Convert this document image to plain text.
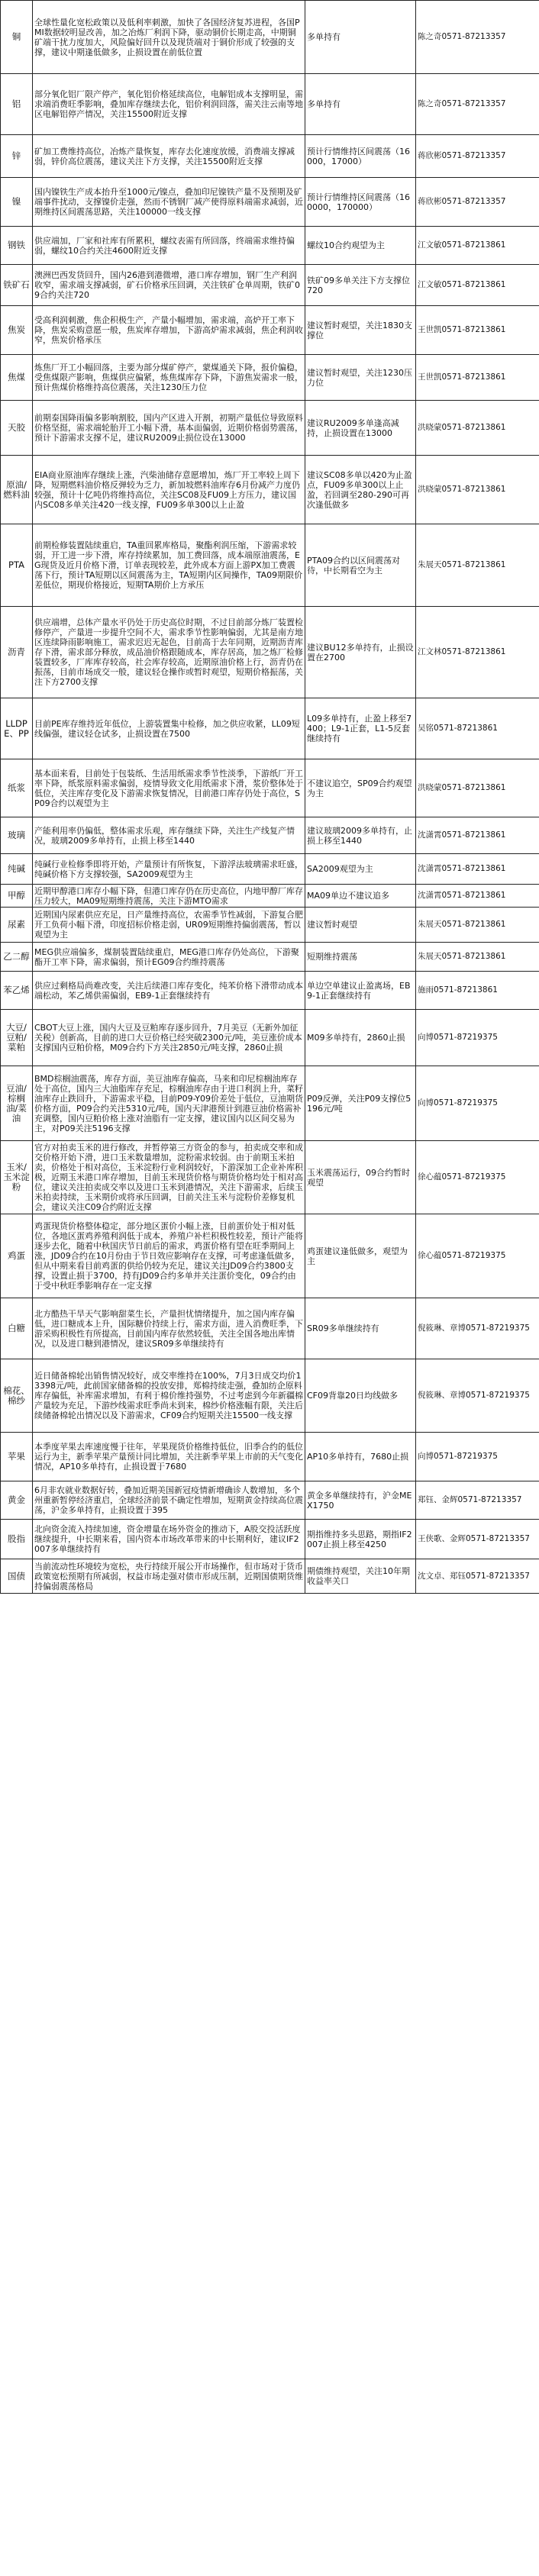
铜	全球性量化宽松政策以及低利率刺激，加快了各国经济复苏进程，各国PMI数据较明显改善，加之冶炼厂利润下降，驱动铜价长期走高，中期铜矿端干扰力度加大，风险偏好回升以及现货端对于铜价形成了较强的支撑，建议中期逢低做多，止损设置在前低位置	多单持有	陈之奇0571-87213357
铝	部分氧化铝厂限产停产，氧化铝价格延续高位，电解铝成本支撑明显，需求端消费旺季影响，叠加库存继续去化，铝价利润回落，需关注云南等地区电解铝停产情况，关注15500附近支撑	多单持有	陈之奇0571-87213357
锌	矿加工费维持高位，冶炼产量恢复，库存去化速度放缓，消费端支撑减弱，锌价高位震荡，建议关注下方支撑，关注15500附近支撑	预计行情维持区间震荡（16000，17000）	蒋欣彬0571-87213357
镍	国内镍铁生产成本抬升至1000元/镍点，叠加印尼镍铁产量不及预期及矿端事件扰动，支撑镍价走强，然而不锈钢厂减产使得原料端需求减弱，近期维持区间震荡思路，关注100000一线支撑	预计行情维持区间震荡（160000，170000）	蒋欣彬0571-87213357
钢铁	供应端加，厂家和社库有所累积，螺纹表需有所回落，终端需求维持偏弱，螺纹10合约关注4600附近支撑	螺纹10合约观望为主	江文敏0571-87213861
铁矿石	澳洲巴西发货回升，国内26港到港微增，港口库存增加，钢厂生产利润收窄，需求端支撑减弱，矿石价格承压回调，关注铁矿仓单周期，铁矿09合约关注720	铁矿09多单关注下方支撑位720	江文敏0571-87213861
焦炭	受高利润刺激，焦企积极生产，产量小幅增加，需求端，高炉开工率下降，焦炭采购意愿一般，焦炭库存增加，下游高炉需求减弱，焦企利润收窄，焦炭价格承压	建议暂时观望，关注1830支撑位	王世凯0571-87213861
焦煤	炼焦厂开工小幅回落，主要为部分煤矿停产，蒙煤通关下降，报价偏稳，受焦煤限产影响，焦煤供应偏紧，炼焦煤库存下降，下游焦炭需求一般，预计焦煤价格维持高位震荡，关注1230压力位	建议暂时观望，关注1230压力位	王世凯0571-87213861
天胶	前期泰国降雨偏多影响割胶，国内产区进入开割，初期产量低位导致原料价格坚挺，需求端轮胎开工小幅下滑，基本面偏弱，近期价格弱势震荡，预计下游需求支撑不足，建议RU2009止损位设在13000	建议RU2009多单逢高减持，止损设置在13000	洪晓蒙0571-87213861
原油/燃料油	EIA商业原油库存继续上涨，汽柴油储存意愿增加，炼厂开工率较上周下降，短期燃料油价格反弹较为乏力，新加坡燃料油库存6月份减产力度仍较强，预计十亿吨仍将维持高位，关注SC08及FU09上方压力，建议国内SC08多单关注420一线支撑，FU09多单300以上止盈	建议SC08多单以420为止盈点，FU09多单300以上止盈，若回调至280-290可再次逢低做多	洪晓蒙0571-87213861
PTA	前期检修装置陆续重启，TA重回累库格局，聚酯利润压缩，下游需求较弱，开工进一步下滑，库存持续累加，加工费回落，成本端原油震荡，EG现货及近月价格下滑，订单表现较差，此外成本方面上游PX加工费震荡下行，预计TA短期以区间震荡为主，TA短期内区间操作，TA09期限价差低位，期现价格接近，短期TA期价上方承压	PTA09合约以区间震荡对待，中长期看空为主	朱展天0571-87213861
沥青	供应端增，总体产量水平仍处于历史高位时期，不过目前部分炼厂装置检修停产，产量进一步提升空间不大，需求季节性影响偏弱，尤其是南方地区连续降雨影响施工，需求迟迟无起色，目前高于去年同期，近期沥青库存下滑，需求部分释放，成品油价格跟随成本，库存居高，加之炼厂检修装置较多，厂库库存较高，社会库存较高，近期原油价格上行，沥青仍在振荡，目前市场成交一般，建议轻仓操作或暂时观望，短期价格振荡，关注下方2700支撑	建议BU12多单持有，止损设置在2700	江文林0571-87213861
LLDPE、PP	目前PE库存维持近年低位，上游装置集中检修，加之供应收紧，LL09短线偏强，建议轻仓试多，止损设置在7500	L09多单持有，止盈上移至7400；L9-1正套，L1-5反套继续持有	吴铭0571-87213861
纸浆	基本面来看，目前处于包装纸、生活用纸需求季节性淡季，下游纸厂开工率下降，纸浆原料需求偏弱，疫情导致文化用纸需求下滑，浆价整体处于低位，关注库存变化及下游需求恢复情况，目前港口库存仍处于高位，SP09合约以观望为主	不建议追空，SP09合约观望为主	洪晓蒙0571-87213861
玻璃	产能利用率仍偏低，整体需求乐观，库存继续下降，关注生产线复产情况，玻璃2009多单持有，止损上移至1440	建议玻璃2009多单持有，止损上移至1440	沈潇霄0571-87213861
纯碱	纯碱行业检修季即将开始，产量预计有所恢复，下游浮法玻璃需求旺盛，纯碱价格下方支撑较强，SA2009观望为主	SA2009观望为主	沈潇霄0571-87213861
甲醇	近期甲醇港口库存小幅下降，但港口库存仍在历史高位，内地甲醇厂库存压力较大，MA09短期维持震荡，关注下游MTO需求	MA09单边不建议追多	沈潇霄0571-87213861
尿素	近期国内尿素供应充足，日产量维持高位，农需季节性减弱，下游复合肥开工负荷小幅下滑，印度招标价格走弱，UR09短期维持偏弱震荡，暂以观望为主	建议暂时观望	朱展天0571-87213861
乙二醇	MEG供应端偏多，煤制装置陆续重启，MEG港口库存仍处高位，下游聚酯开工率下降，需求偏弱，预计EG09合约维持震荡	短期维持震荡	朱展天0571-87213861
苯乙烯	供应过剩格局尚难改变，关注后续港口库存变化，纯苯价格下滑带动成本端松动，苯乙烯供需偏弱，EB9-1正套继续持有	单边空单建议止盈离场，EB9-1正套继续持有	施雨0571-87213861
大豆/豆粕/菜粕	CBOT大豆上涨，国内大豆及豆粕库存逐步回升，7月美豆（无新外加征关税）创新高，目前的进口大豆价格已经突破2300元/吨，美豆涨价成本支撑国内豆粕价格，M09合约下方关注2850元/吨支撑，2860止损	M09多单持有，2860止损	向博0571-87219375
豆油/棕榈油/菜油	BMD棕榈油震荡，库存方面，美豆油库存偏高，马来和印尼棕榈油库存处于高位，国内三大油脂库存充足，棕榈油库存由于进口利润上升，菜籽油库存止跌回升，下游需求平稳，目前P09-Y09价差处于低位，豆油期货价格方面，P09合约关注5310元/吨，国内天津港预计到港豆油价格需补充调整，国内豆粕价格上涨对油脂有一定支撑，建议国内以区间交易为主，对P09关注5196支撑	P09反弹，关注P09支撑位5196元/吨	向博0571-87219375
玉米/玉米淀粉	官方对拍卖玉米的进行修改，并暂停第三方资金的参与，拍卖成交率和成交价格开始下滑，进口玉米数量增加，淀粉需求较弱。由于前期玉米拍卖，价格处于相对高位，玉米淀粉行业利润较好，下游深加工企业补库积极，近期玉米港口库存增加，目前玉米现货价格与期货价格均处于相对高位，建议关注拍卖成交率以及进口玉米到港情况，关注下游需求，后续玉米拍卖持续，玉米期价或将承压回调，目前关注玉米与淀粉价差修复机会，建议关注C09合约附近支撑	玉米震荡运行，09合约暂时观望	徐心蕴0571-87219375
鸡蛋	鸡蛋现货价格整体稳定，部分地区蛋价小幅上涨，目前蛋价处于相对低位，各地区蛋鸡养殖利润低于成本，养殖户补栏积极性较差，预计产能将逐步去化，随着中秋国庆节日前后的需求，鸡蛋价格有望在旺季期间上涨，JD09合约在10月份由于节日效应影响存在支撑，可考虑逢低做多，但从中期来看目前鸡蛋的供给仍较为充足，建议关注JD09合约3800支撑，设置止损于3700，持有JD09合约多单并关注蛋价变化，09合约由于受中秋旺季影响存在一定支撑	鸡蛋建议逢低做多，观望为主	徐心蕴0571-87219375
白糖	北方酷热干旱天气影响甜菜生长，产量担忧情绪提升，加之国内库存偏低，进口糖成本上升，国际糖价持续上行，需求方面，进入消费旺季，下游采购积极性有所提高，目前国内库存依然较低，关注全国各地出库情况，以及进口糖到港情况，建议SR09多单继续持有	SR09多单继续持有	倪筱琳、章博0571-87219375
棉花、棉纱	近日储备棉轮出销售情况较好，成交率维持在100%，7月3日成交均价13398元/吨，此前国家储备棉的投放安排，郑棉持续走强，叠加纺企原料库存偏低，补库需求增加，有利于棉价维持强势，不过考虑到今年新疆棉产量较为充足，下游纱线需求旺季尚未到来，棉纱价格涨幅有限，关注后续储备棉轮出情况以及下游需求，CF09合约短期关注15500一线支撑	CF09背靠20日均线做多	倪筱琳、章博0571-87219375
苹果	本季度苹果去库速度慢于往年，苹果现货价格维持低位，旧季合约的低位运行为主，新季苹果产量预计同比增加，关注新季苹果上市前的天气变化情况，AP10多单持有，止损设置于7680	AP10多单持有，7680止损	向博0571-87219375
黄金	6月非农就业数据好转，叠加近期美国新冠疫情新增确诊人数增加，多个州重新暂停经济重启，全球经济前景不确定性增加，短期黄金持续高位震荡，沪金多单持有，止损设置于395	黄金多单继续持有，沪金MEX1750	郑钰、金辉0571-87213357
股指	北向资金流入持续加速，资金增量在场外资金的推动下，A股交投活跃度继续提升，中长期来看，国内资本市场改革带来的中长期利好，建议IF2007多单继续持有	期指维持多头思路，期指IF2007止损上移至4250	王侠歌、金辉0571-87213357
国债	当前流动性环境较为宽松，央行持续开展公开市场操作，但市场对于货币政策宽松预期有所减弱，权益市场走强对债市形成压制，近期国债期货维持偏弱震荡格局	期债维持观望，关注10年期收益率关口	沈文卓、郑钰0571-87213357
